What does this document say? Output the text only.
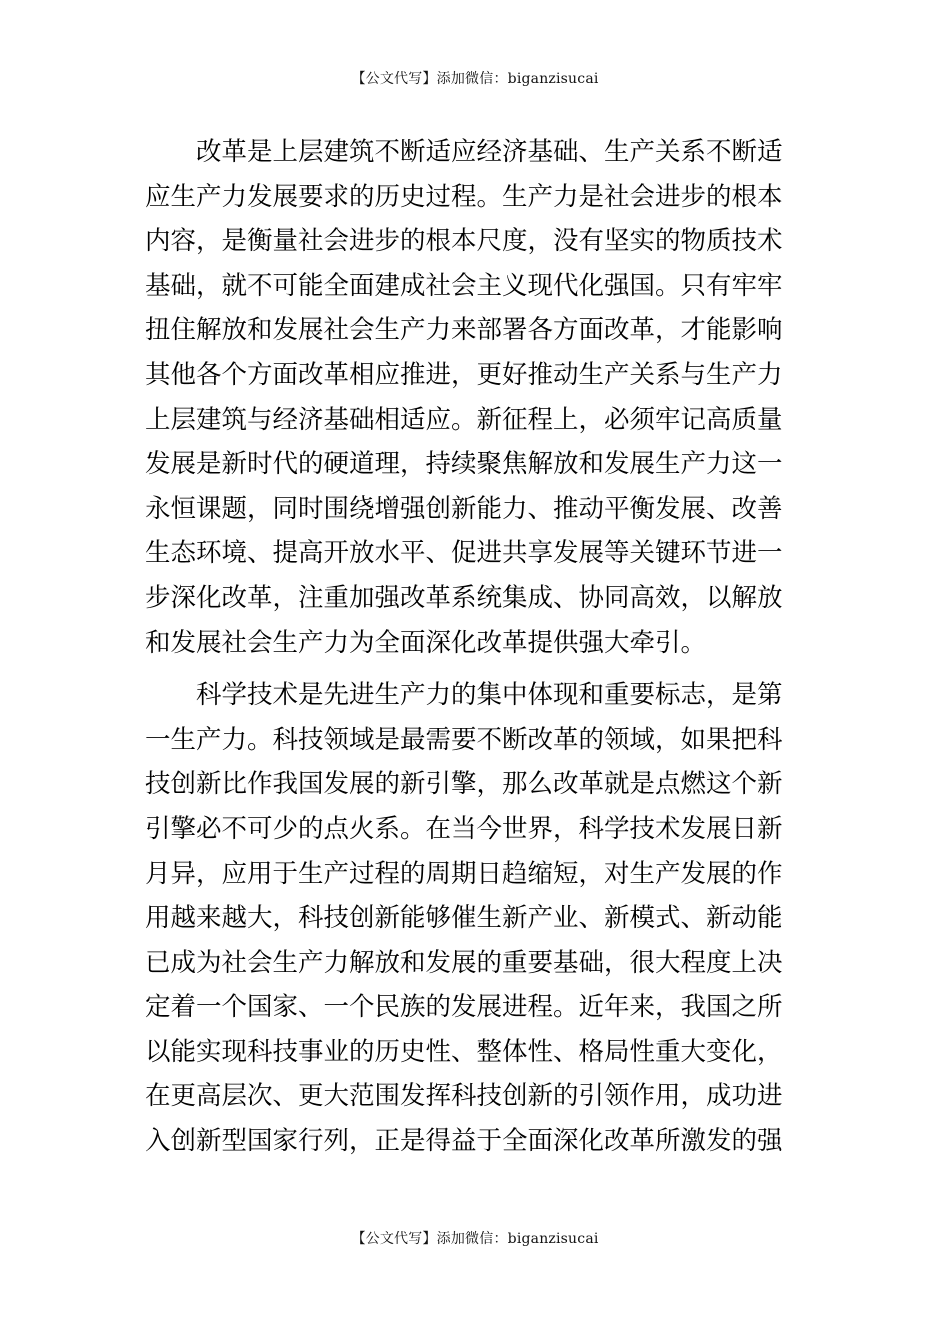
【公文代写】添加微信：biganzisucai

改革是上层建筑不断适应经济基础、生产关系不断适
应生产力发展要求的历史过程。生产力是社会进步的根本
内容，是衡量社会进步的根本尺度，没有坚实的物质技术
基础，就不可能全面建成社会主义现代化强国。只有牢牢
扭住解放和发展社会生产力来部署各方面改革，才能影响
其他各个方面改革相应推进，更好推动生产关系与生产力
上层建筑与经济基础相适应。新征程上，必须牢记高质量
发展是新时代的硬道理，持续聚焦解放和发展生产力这一
永恒课题，同时围绕增强创新能力、推动平衡发展、改善
生态环境、提高开放水平、促进共享发展等关键环节进一
步深化改革，注重加强改革系统集成、协同高效，以解放
和发展社会生产力为全面深化改革提供强大牵引。

科学技术是先进生产力的集中体现和重要标志，是第
一生产力。科技领域是最需要不断改革的领域，如果把科
技创新比作我国发展的新引擎，那么改革就是点燃这个新
引擎必不可少的点火系。在当今世界，科学技术发展日新
月异，应用于生产过程的周期日趋缩短，对生产发展的作
用越来越大，科技创新能够催生新产业、新模式、新动能
已成为社会生产力解放和发展的重要基础，很大程度上决
定着一个国家、一个民族的发展进程。近年来，我国之所
以能实现科技事业的历史性、整体性、格局性重大变化，
在更高层次、更大范围发挥科技创新的引领作用，成功进
入创新型国家行列，正是得益于全面深化改革所激发的强

【公文代写】添加微信：biganzisucai
